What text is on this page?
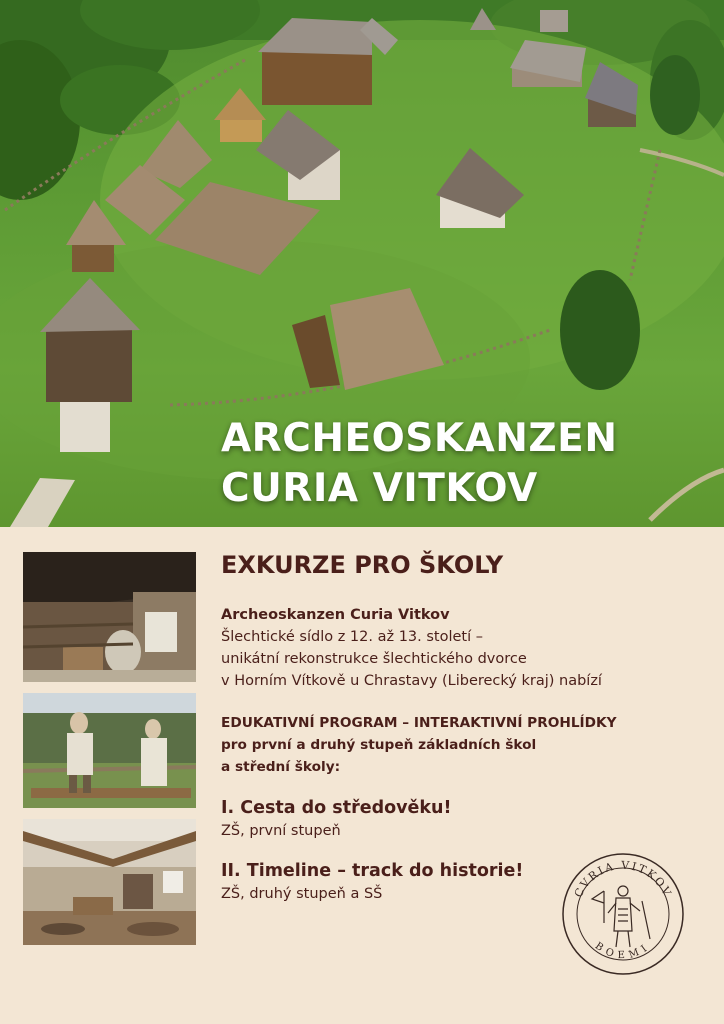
ARCHEOSKANZEN
CURIA VITKOV
EXKURZE PRO ŠKOLY
Archeoskanzen Curia Vitkov
Šlechtické sídlo z 12. až 13. století –
unikátní rekonstrukce šlechtického dvorce
v Horním Vítkově u Chrastavy (Liberecký kraj) nabízí
EDUKATIVNÍ PROGRAM – INTERAKTIVNÍ PROHLÍDKY
pro první a druhý stupeň základních škol
a střední školy:
I. Cesta do středověku!
ZŠ, první stupeň
II. Timeline – track do historie!
ZŠ, druhý stupeň a SŠ	CVRIA VITKOV
BOEMI
